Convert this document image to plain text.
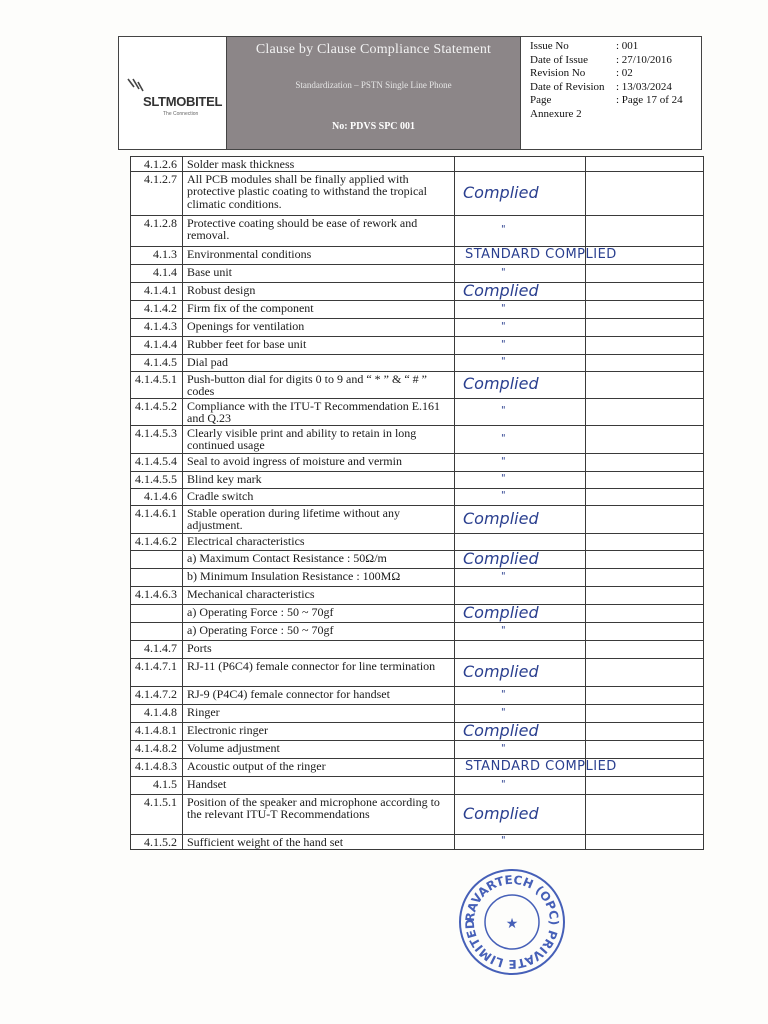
SLTMOBITEL
The Connection
Clause by Clause Compliance Statement
Standardization – PSTN Single Line Phone
No: PDVS SPC 001
Issue No	: 001
Date of Issue	: 27/10/2016
Revision No	: 02
Date of Revision	: 13/03/2024
Page	: Page 17 of 24
Annexure 2
4.1.2.6	Solder mask thickness		
4.1.2.7	All PCB modules shall be finally applied with protective plastic coating to withstand the tropical climatic conditions.	Complied	
4.1.2.8	Protective coating should be ease of rework and removal.	"	
4.1.3	Environmental conditions	STANDARD COMPLIED	
4.1.4	Base unit	"	
4.1.4.1	Robust design	Complied	
4.1.4.2	Firm fix of the component	"	
4.1.4.3	Openings for ventilation	"	
4.1.4.4	Rubber feet for base unit	"	
4.1.4.5	Dial pad	"	
4.1.4.5.1	Push-button dial for digits 0 to 9 and “ * ” & “ # ” codes	Complied	
4.1.4.5.2	Compliance with the ITU-T Recommendation E.161 and Q.23	"	
4.1.4.5.3	Clearly visible print and ability to retain in long continued usage	"	
4.1.4.5.4	Seal to avoid ingress of moisture and vermin	"	
4.1.4.5.5	Blind key mark	"	
4.1.4.6	Cradle switch	"	
4.1.4.6.1	Stable operation during lifetime without any adjustment.	Complied	
4.1.4.6.2	Electrical characteristics		
	a) Maximum Contact Resistance : 50Ω/m	Complied	
	b) Minimum Insulation Resistance : 100MΩ	"	
4.1.4.6.3	Mechanical characteristics		
	a) Operating Force : 50 ~ 70gf	Complied	
	a) Operating Force : 50 ~ 70gf	"	
4.1.4.7	Ports		
4.1.4.7.1	RJ-11 (P6C4) female connector for line termination	Complied	
4.1.4.7.2	RJ-9 (P4C4) female connector for handset	"	
4.1.4.8	Ringer	"	
4.1.4.8.1	Electronic ringer	Complied	
4.1.4.8.2	Volume adjustment	"	
4.1.4.8.3	Acoustic output of the ringer	STANDARD COMPLIED	
4.1.5	Handset	"	
4.1.5.1	Position of the speaker and microphone according to the relevant ITU-T Recommendations	Complied	
4.1.5.2	Sufficient weight of the hand set	"	
RAVARTECH (OPC) PRIVATE LIMITED	★
